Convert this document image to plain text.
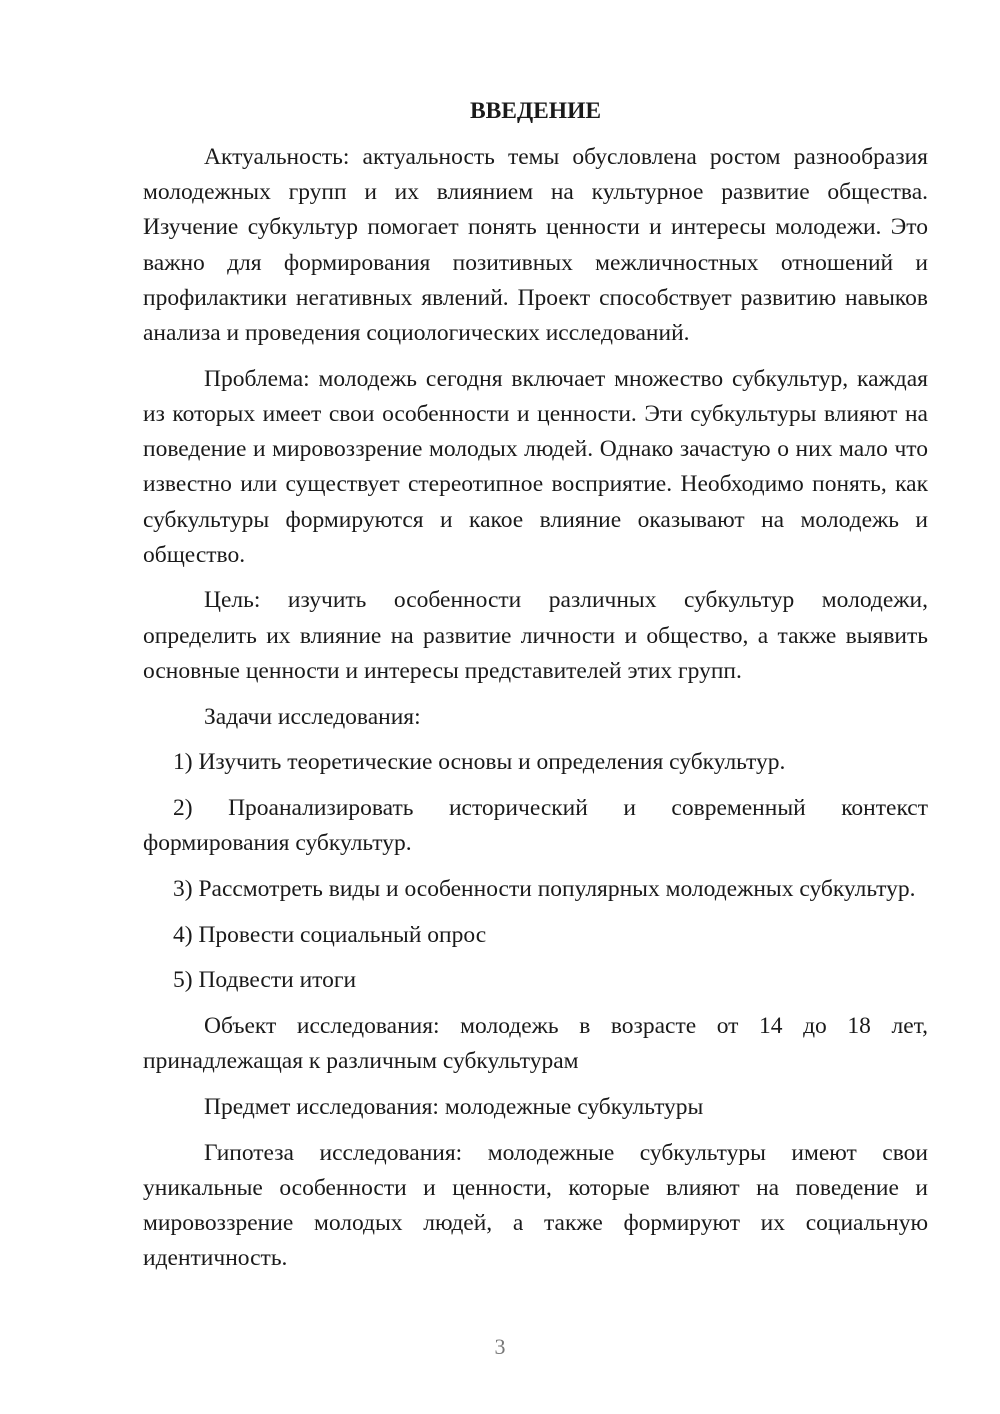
ВВЕДЕНИЕ

Актуальность: актуальность темы обусловлена ростом разнообразия молодежных групп и их влиянием на культурное развитие общества. Изучение субкультур помогает понять ценности и интересы молодежи. Это важно для формирования позитивных межличностных отношений и профилактики негативных явлений. Проект способствует развитию навыков анализа и проведения социологических исследований.

Проблема: молодежь сегодня включает множество субкультур, каждая из которых имеет свои особенности и ценности. Эти субкультуры влияют на поведение и мировоззрение молодых людей. Однако зачастую о них мало что известно или существует стереотипное восприятие. Необходимо понять, как субкультуры формируются и какое влияние оказывают на молодежь и общество.

Цель: изучить особенности различных субкультур молодежи, определить их влияние на развитие личности и общество, а также выявить основные ценности и интересы представителей этих групп.

Задачи исследования:

1) Изучить теоретические основы и определения субкультур.

2) Проанализировать исторический и современный контекст формирования субкультур.

3) Рассмотреть виды и особенности популярных молодежных субкультур.

4) Провести социальный опрос

5) Подвести итоги

Объект исследования: молодежь в возрасте от 14 до 18 лет, принадлежащая к различным субкультурам

Предмет исследования: молодежные субкультуры

Гипотеза исследования: молодежные субкультуры имеют свои уникальные особенности и ценности, которые влияют на поведение и мировоззрение молодых людей, а также формируют их социальную идентичность.

3
